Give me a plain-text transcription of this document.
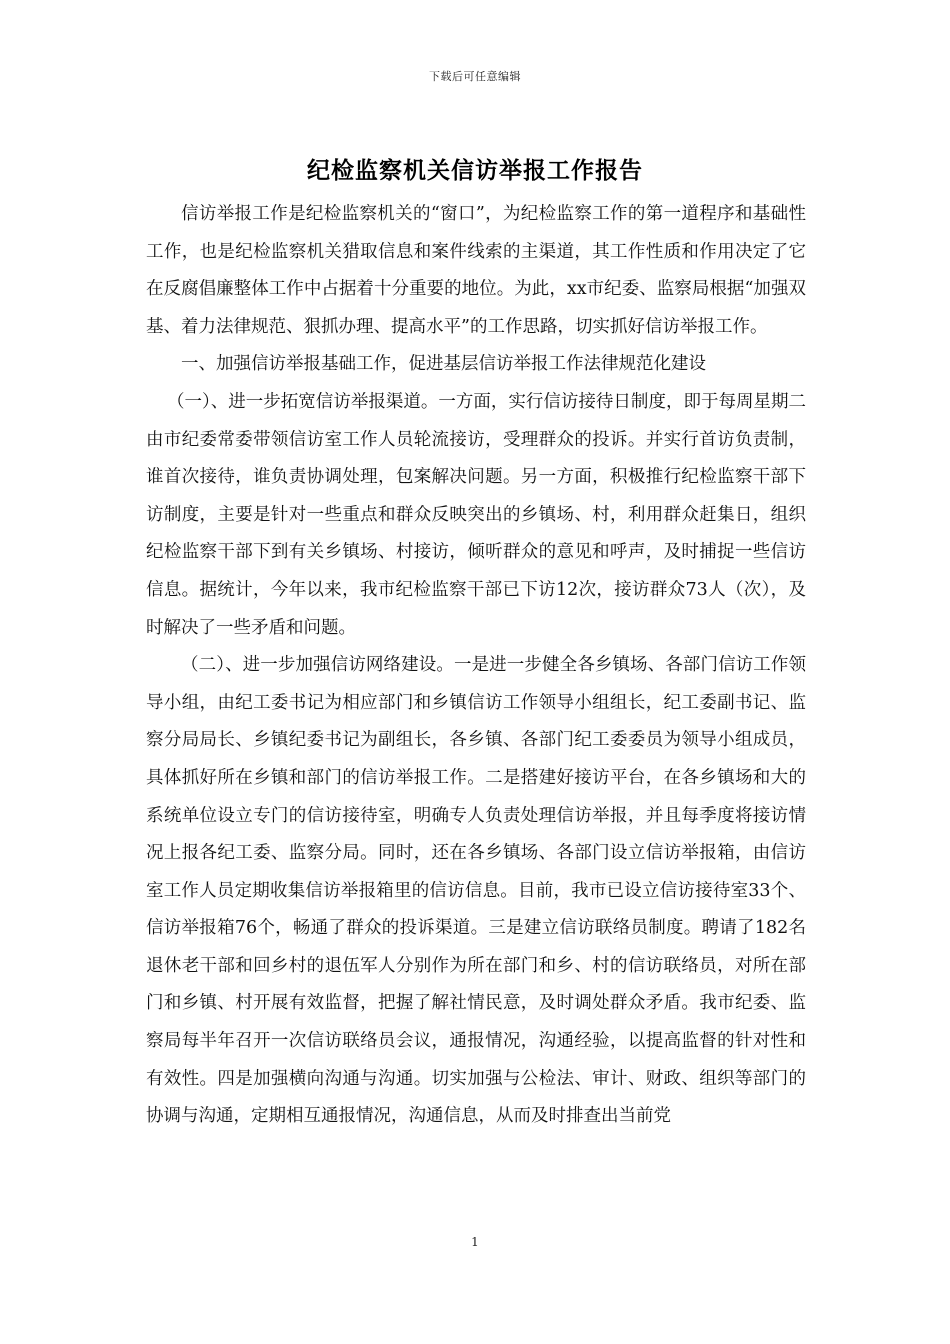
下载后可任意编辑
纪检监察机关信访举报工作报告

信访举报工作是纪检监察机关的“窗口”，为纪检监察工作的第一道程序和基础性工作，也是纪检监察机关猎取信息和案件线索的主渠道，其工作性质和作用决定了它在反腐倡廉整体工作中占据着十分重要的地位。为此，xx市纪委、监察局根据“加强双基、着力法律规范、狠抓办理、提高水平”的工作思路，切实抓好信访举报工作。

一、加强信访举报基础工作，促进基层信访举报工作法律规范化建设

（一）、进一步拓宽信访举报渠道。一方面，实行信访接待日制度，即于每周星期二由市纪委常委带领信访室工作人员轮流接访，受理群众的投诉。并实行首访负责制，谁首次接待，谁负责协调处理，包案解决问题。另一方面，积极推行纪检监察干部下访制度，主要是针对一些重点和群众反映突出的乡镇场、村，利用群众赶集日，组织纪检监察干部下到有关乡镇场、村接访，倾听群众的意见和呼声，及时捕捉一些信访信息。据统计，今年以来，我市纪检监察干部已下访12次，接访群众73人（次），及时解决了一些矛盾和问题。

（二）、进一步加强信访网络建设。一是进一步健全各乡镇场、各部门信访工作领导小组，由纪工委书记为相应部门和乡镇信访工作领导小组组长，纪工委副书记、监察分局局长、乡镇纪委书记为副组长，各乡镇、各部门纪工委委员为领导小组成员，具体抓好所在乡镇和部门的信访举报工作。二是搭建好接访平台，在各乡镇场和大的系统单位设立专门的信访接待室，明确专人负责处理信访举报，并且每季度将接访情况上报各纪工委、监察分局。同时，还在各乡镇场、各部门设立信访举报箱，由信访室工作人员定期收集信访举报箱里的信访信息。目前，我市已设立信访接待室33个、信访举报箱76个，畅通了群众的投诉渠道。三是建立信访联络员制度。聘请了182名退休老干部和回乡村的退伍军人分别作为所在部门和乡、村的信访联络员，对所在部门和乡镇、村开展有效监督，把握了解社情民意，及时调处群众矛盾。我市纪委、监察局每半年召开一次信访联络员会议，通报情况，沟通经验，以提高监督的针对性和有效性。四是加强横向沟通与沟通。切实加强与公检法、审计、财政、组织等部门的协调与沟通，定期相互通报情况，沟通信息，从而及时排查出当前党

1
